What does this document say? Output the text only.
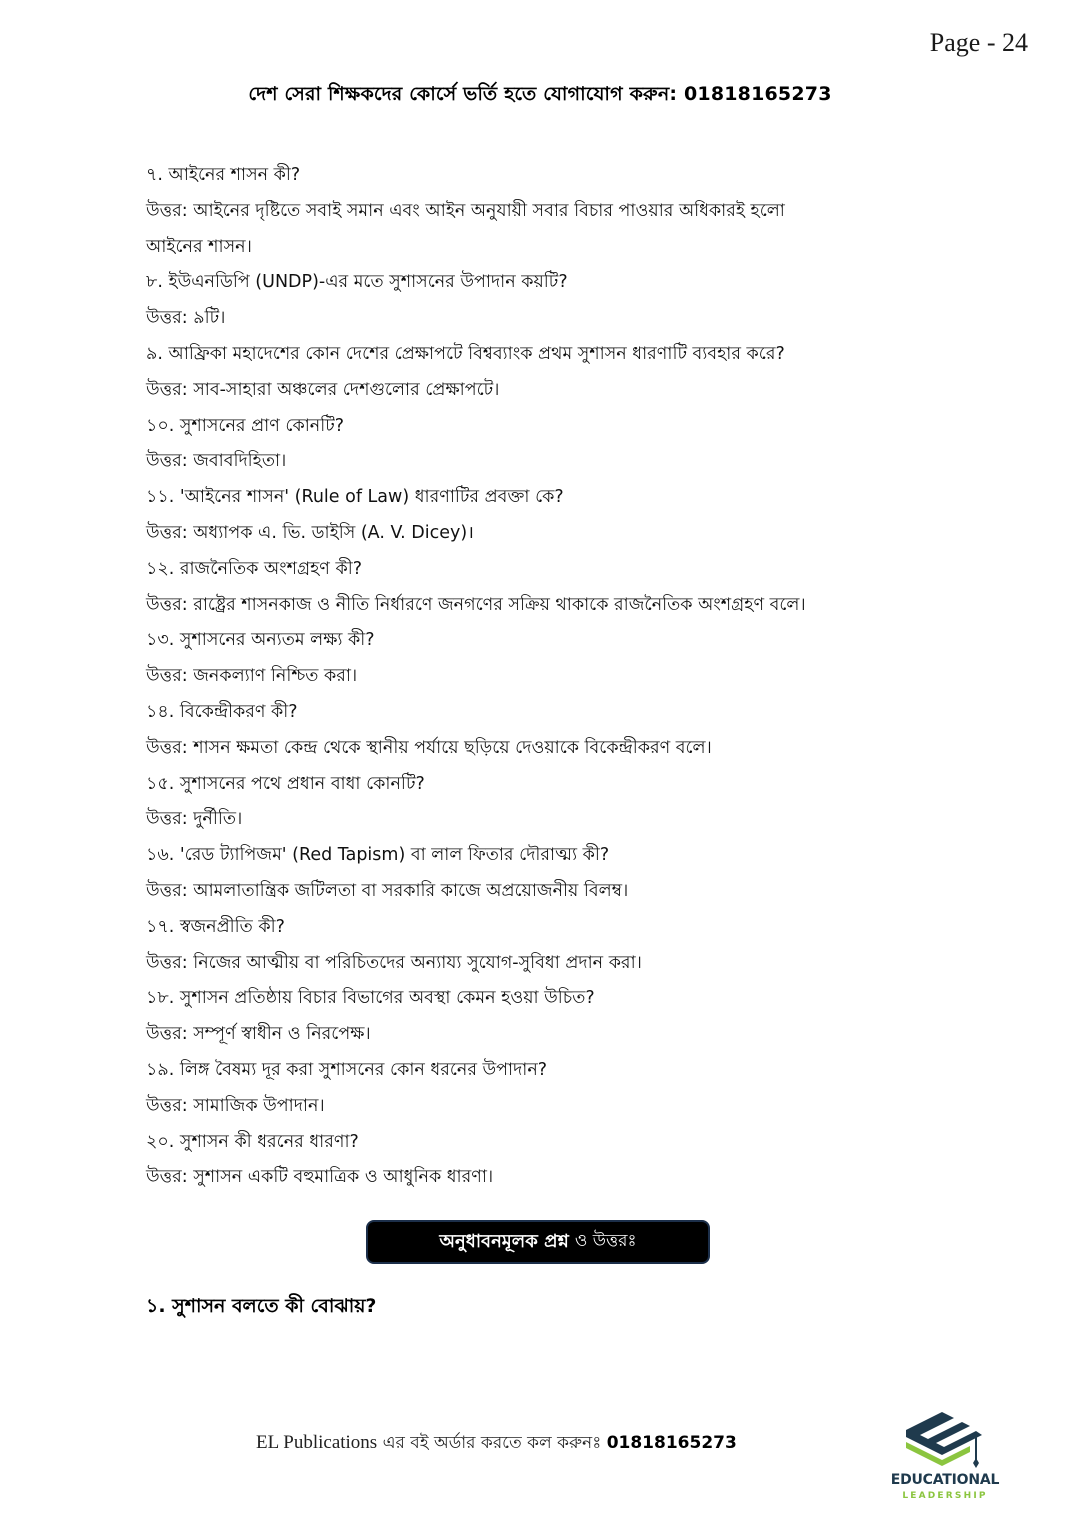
Page - 24
দেশ সেরা শিক্ষকদের কোর্সে ভর্তি হতে যোগাযোগ করুন: 01818165273
৭. আইনের শাসন কী?
উত্তর: আইনের দৃষ্টিতে সবাই সমান এবং আইন অনুযায়ী সবার বিচার পাওয়ার অধিকারই হলো
আইনের শাসন।
৮. ইউএনডিপি (UNDP)-এর মতে সুশাসনের উপাদান কয়টি?
উত্তর: ৯টি।
৯. আফ্রিকা মহাদেশের কোন দেশের প্রেক্ষাপটে বিশ্বব্যাংক প্রথম সুশাসন ধারণাটি ব্যবহার করে?
উত্তর: সাব-সাহারা অঞ্চলের দেশগুলোর প্রেক্ষাপটে।
১০. সুশাসনের প্রাণ কোনটি?
উত্তর: জবাবদিহিতা।
১১. 'আইনের শাসন' (Rule of Law) ধারণাটির প্রবক্তা কে?
উত্তর: অধ্যাপক এ. ভি. ডাইসি (A. V. Dicey)।
১২. রাজনৈতিক অংশগ্রহণ কী?
উত্তর: রাষ্ট্রের শাসনকাজ ও নীতি নির্ধারণে জনগণের সক্রিয় থাকাকে রাজনৈতিক অংশগ্রহণ বলে।
১৩. সুশাসনের অন্যতম লক্ষ্য কী?
উত্তর: জনকল্যাণ নিশ্চিত করা।
১৪. বিকেন্দ্রীকরণ কী?
উত্তর: শাসন ক্ষমতা কেন্দ্র থেকে স্থানীয় পর্যায়ে ছড়িয়ে দেওয়াকে বিকেন্দ্রীকরণ বলে।
১৫. সুশাসনের পথে প্রধান বাধা কোনটি?
উত্তর: দুর্নীতি।
১৬. 'রেড ট্যাপিজম' (Red Tapism) বা লাল ফিতার দৌরাত্ম্য কী?
উত্তর: আমলাতান্ত্রিক জটিলতা বা সরকারি কাজে অপ্রয়োজনীয় বিলম্ব।
১৭. স্বজনপ্রীতি কী?
উত্তর: নিজের আত্মীয় বা পরিচিতদের অন্যায্য সুযোগ-সুবিধা প্রদান করা।
১৮. সুশাসন প্রতিষ্ঠায় বিচার বিভাগের অবস্থা কেমন হওয়া উচিত?
উত্তর: সম্পূর্ণ স্বাধীন ও নিরপেক্ষ।
১৯. লিঙ্গ বৈষম্য দূর করা সুশাসনের কোন ধরনের উপাদান?
উত্তর: সামাজিক উপাদান।
২০. সুশাসন কী ধরনের ধারণা?
উত্তর: সুশাসন একটি বহুমাত্রিক ও আধুনিক ধারণা।
অনুধাবনমূলক প্রশ্ন ও উত্তরঃ
১. সুশাসন বলতে কী বোঝায়?
EL Publications এর বই অর্ডার করতে কল করুনঃ 01818165273
EDUCATIONAL
LEADERSHIP
